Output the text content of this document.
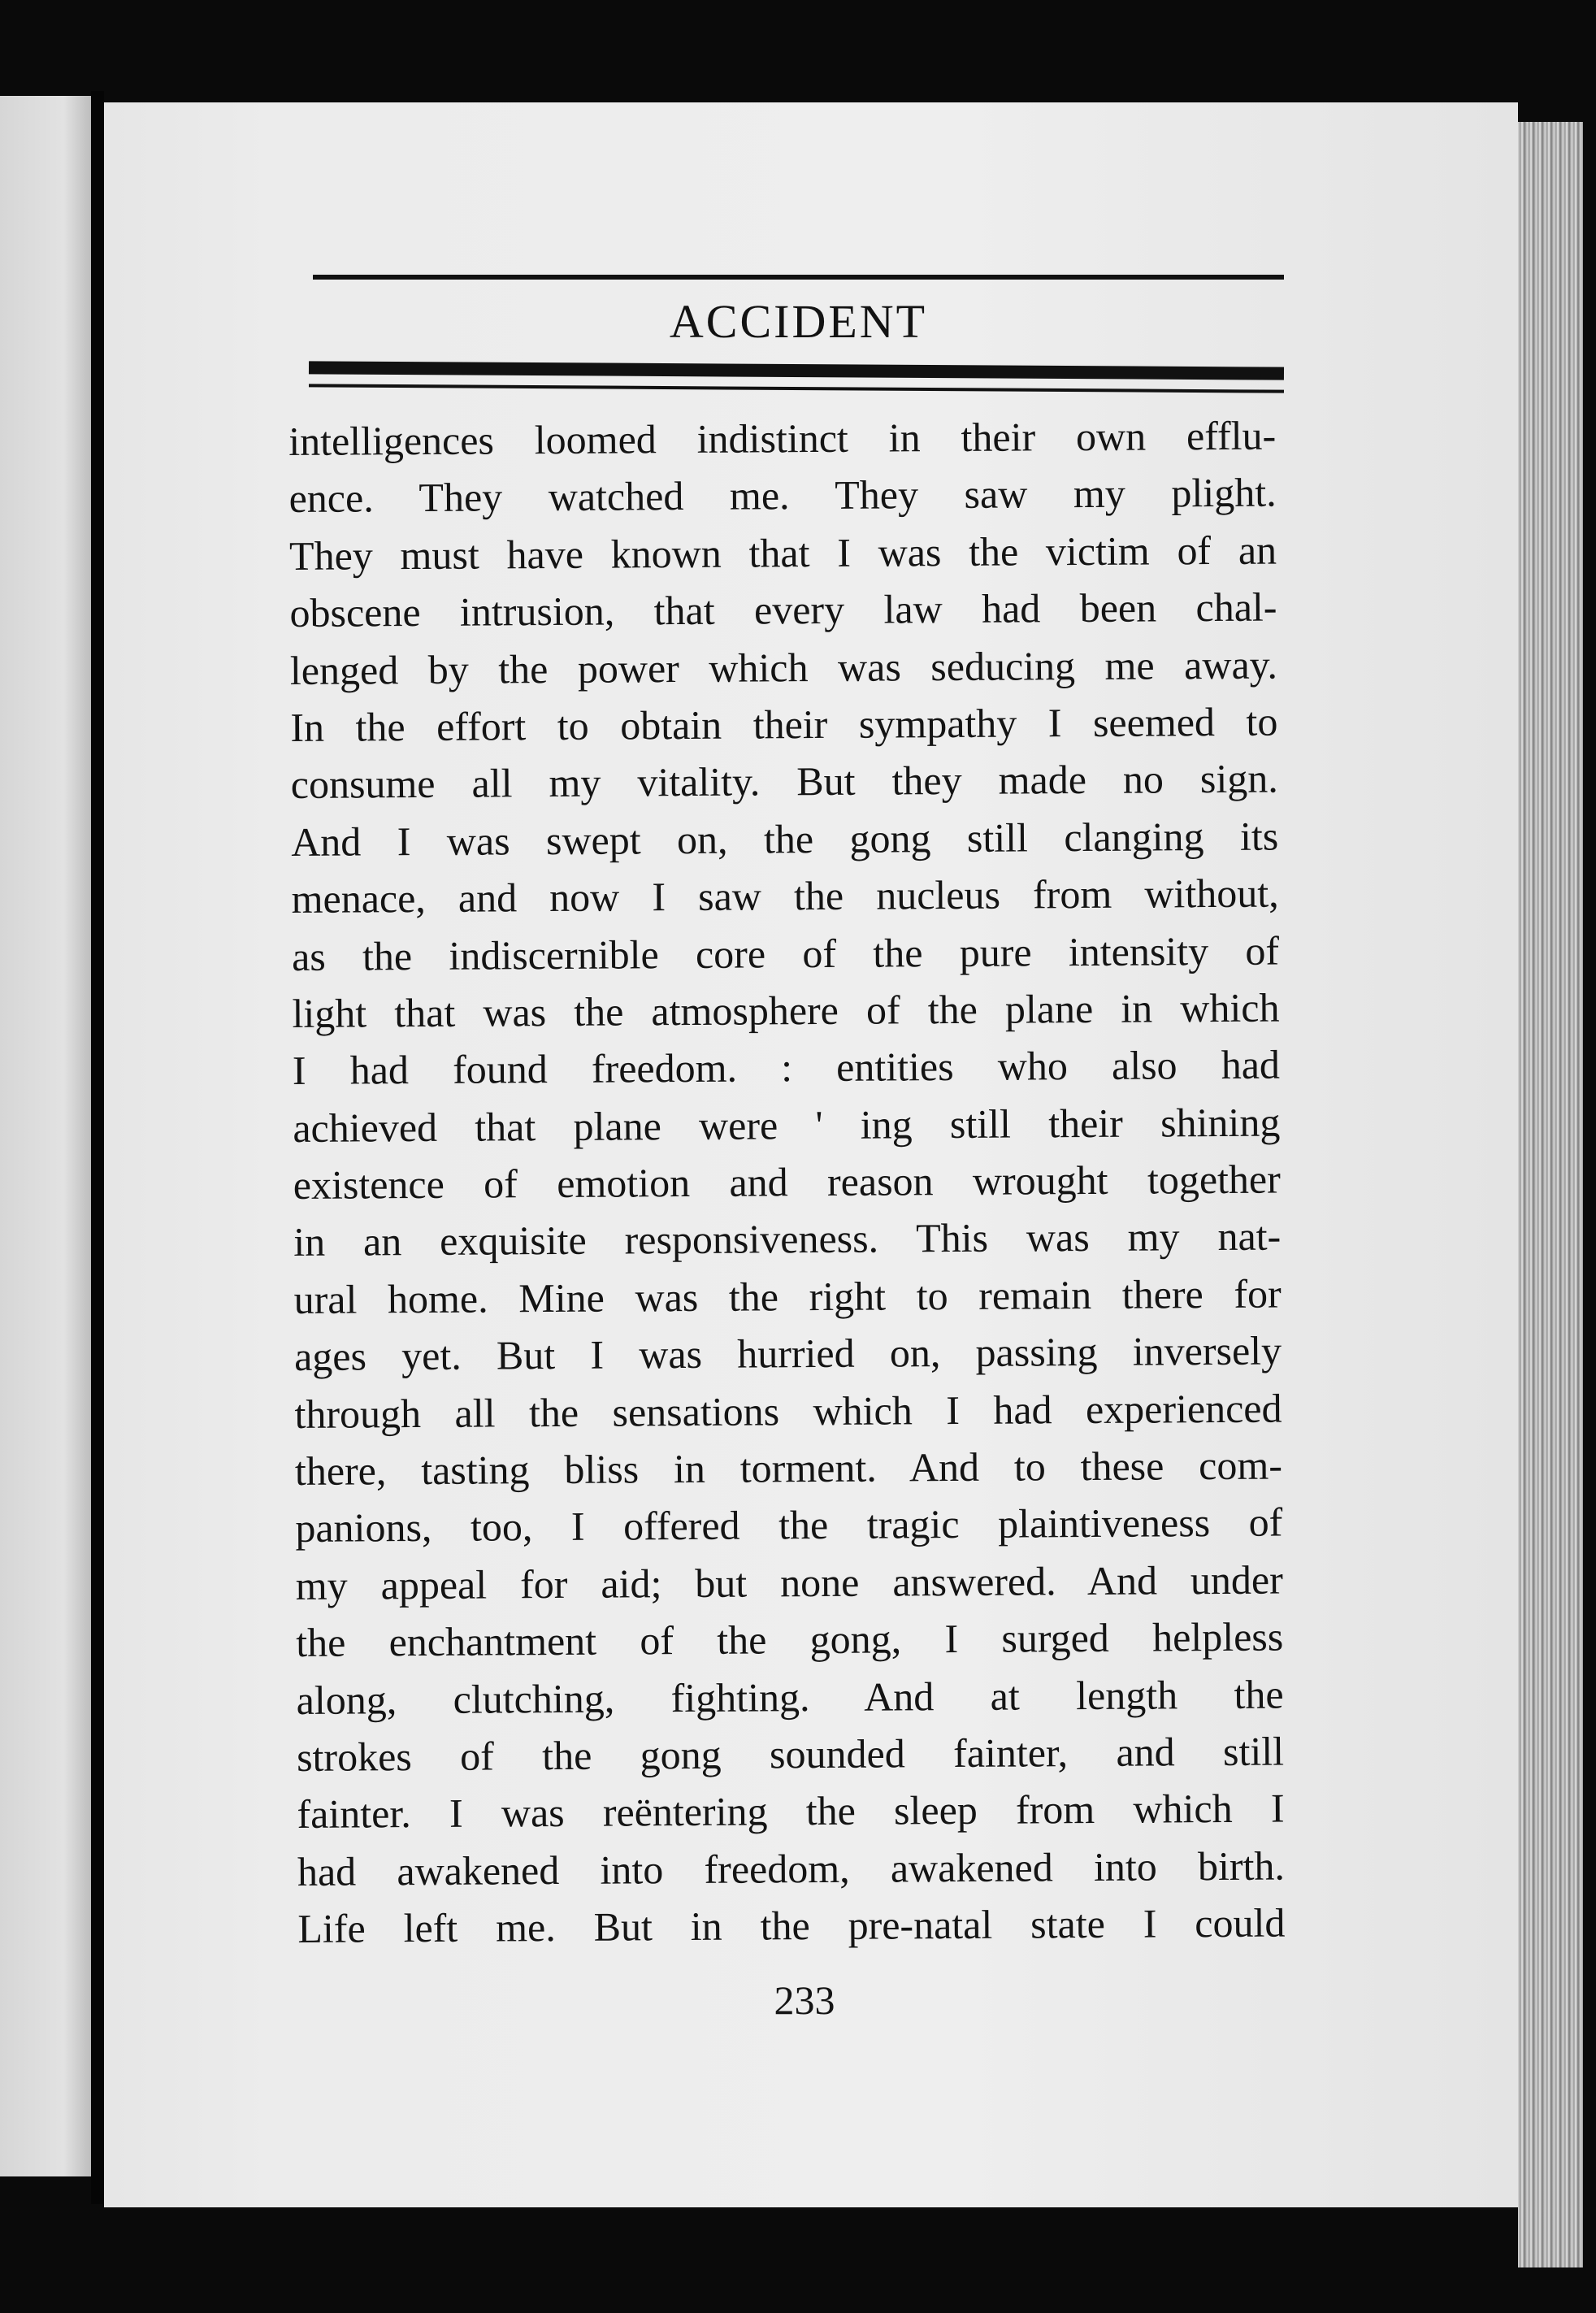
ACCIDENT
intelligences loomed indistinct in their own efflu-
ence. They watched me. They saw my plight.
They must have known that I was the victim of an
obscene intrusion, that every law had been chal-
lenged by the power which was seducing me away.
In the effort to obtain their sympathy I seemed to
consume all my vitality. But they made no sign.
And I was swept on, the gong still clanging its
menace, and now I saw the nucleus from without,
as the indiscernible core of the pure intensity of
light that was the atmosphere of the plane in which
I had found freedom. : entities who also had
achieved that plane were ' ing still their shining
existence of emotion and reason wrought together
in an exquisite responsiveness. This was my nat-
ural home. Mine was the right to remain there for
ages yet. But I was hurried on, passing inversely
through all the sensations which I had experienced
there, tasting bliss in torment. And to these com-
panions, too, I offered the tragic plaintiveness of
my appeal for aid; but none answered. And under
the enchantment of the gong, I surged helpless
along, clutching, fighting. And at length the
strokes of the gong sounded fainter, and still
fainter. I was reëntering the sleep from which I
had awakened into freedom, awakened into birth.
Life left me. But in the pre-natal state I could
233
